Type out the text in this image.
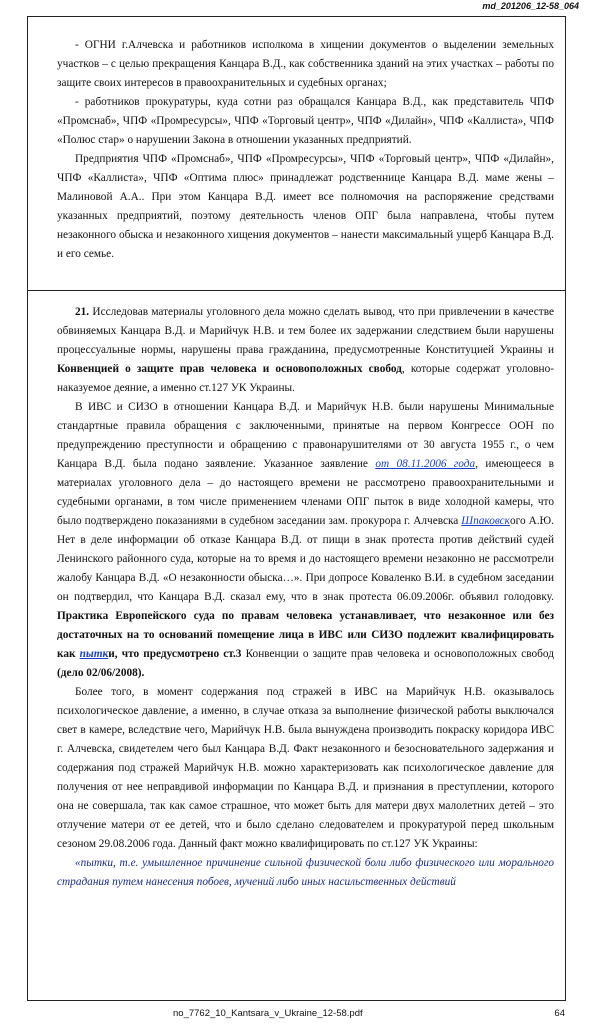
md_201206_12-58_064

- ОГНИ г.Алчевска и работников исполкома в хищении документов о выделении земельных участков – с целью прекращения Канцара В.Д., как собственника зданий на этих участках – работы по защите своих интересов в правоохранительных и судебных органах;

- работников прокуратуры, куда сотни раз обращался Канцара В.Д., как представитель ЧПФ «Промснаб», ЧПФ «Промресурсы», ЧПФ «Торговый центр», ЧПФ «Дилайн», ЧПФ «Каллиста», ЧПФ «Полюс стар» о нарушении Закона в отношении указанных предприятий.

Предприятия ЧПФ «Промснаб», ЧПФ «Промресурсы», ЧПФ «Торговый центр», ЧПФ «Дилайн», ЧПФ «Каллиста», ЧПФ «Оптима плюс» принадлежат родственнице Канцара В.Д. маме жены – Малиновой А.А.. При этом Канцара В.Д. имеет все полномочия на распоряжение средствами указанных предприятий, поэтому деятельность членов ОПГ была направлена, чтобы путем незаконного обыска и незаконного хищения документов – нанести максимальный ущерб Канцара В.Д. и его семье.

21. Исследовав материалы уголовного дела можно сделать вывод, что при привлечении в качестве обвиняемых Канцара В.Д. и Марийчук Н.В. и тем более их задержании следствием были нарушены процессуальные нормы, нарушены права гражданина, предусмотренные Конституцией Украины и Конвенцией о защите прав человека и основоположных свобод, которые содержат уголовно-наказуемое деяние, а именно ст.127 УК Украины.

В ИВС и СИЗО в отношении Канцара В.Д. и Марийчук Н.В. были нарушены Минимальные стандартные правила обращения с заключенными, принятые на первом Конгрессе ООН по предупреждению преступности и обращению с правонарушителями от 30 августа 1955 г., о чем Канцара В.Д. была подано заявление. Указанное заявление от 08.11.2006 года, имеющееся в материалах уголовного дела – до настоящего времени не рассмотрено правоохранительными и судебными органами, в том числе применением членами ОПГ пыток в виде холодной камеры, что было подтверждено показаниями в судебном заседании зам. прокурора г. Алчевска Шпаковского А.Ю. Нет в деле информации об отказе Канцара В.Д. от пищи в знак протеста против действий судей Ленинского районного суда, которые на то время и до настоящего времени незаконно не рассмотрели жалобу Канцара В.Д. «О незаконности обыска…». При допросе Коваленко В.И. в судебном заседании он подтвердил, что Канцара В.Д. сказал ему, что в знак протеста 06.09.2006г. объявил голодовку. Практика Европейского суда по правам человека устанавливает, что незаконное или без достаточных на то оснований помещение лица в ИВС или СИЗО подлежит квалифицировать как пытки, что предусмотрено ст.3 Конвенции о защите прав человека и основоположных свобод (дело 02/06/2008).

Более того, в момент содержания под стражей в ИВС на Марийчук Н.В. оказывалось психологическое давление, а именно, в случае отказа за выполнение физической работы выключался свет в камере, вследствие чего, Марийчук Н.В. была вынуждена производить покраску коридора ИВС г. Алчевска, свидетелем чего был Канцара В.Д. Факт незаконного и безосновательного задержания и содержания под стражей Марийчук Н.В. можно характеризовать как психологическое давление для получения от нее неправдивой информации по Канцара В.Д. и признания в преступлении, которого она не совершала, так как самое страшное, что может быть для матери двух малолетних детей – это отлучение матери от ее детей, что и было сделано следователем и прокуратурой перед школьным сезоном 29.08.2006 года. Данный факт можно квалифицировать по ст.127 УК Украины:

«пытки, т.е. умышленное причинение сильной физической боли либо физического или морального страдания путем нанесения побоев, мучений либо иных насильственных действий

no_7762_10_Kantsara_v_Ukraine_12-58.pdf	64
